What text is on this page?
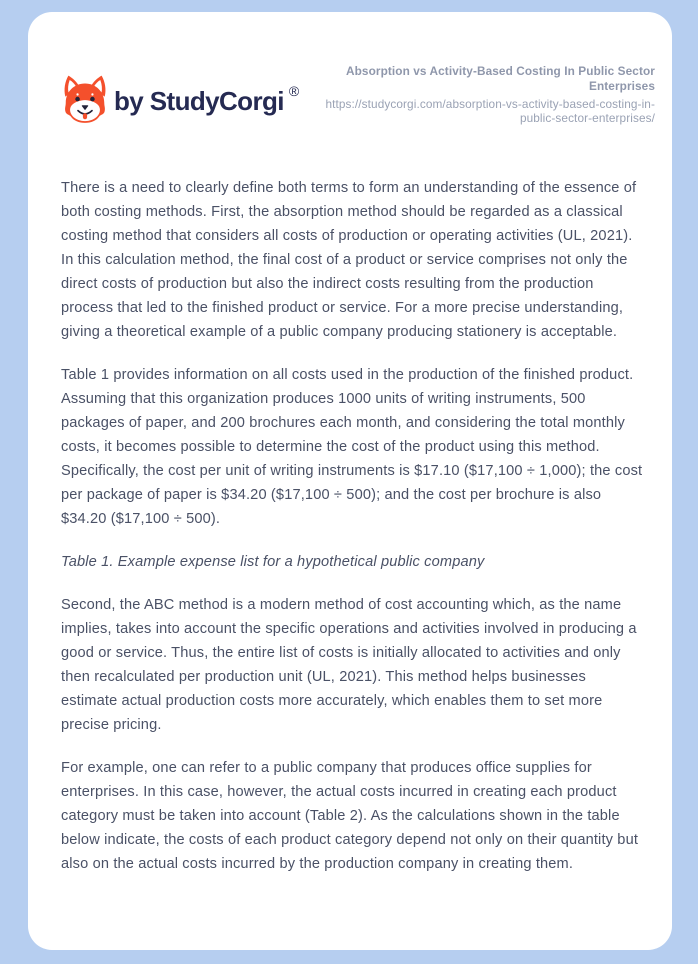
by StudyCorgi ®
Absorption vs Activity-Based Costing In Public Sector Enterprises
https://studycorgi.com/absorption-vs-activity-based-costing-in-public-sector-enterprises/

There is a need to clearly define both terms to form an understanding of the essence of both costing methods. First, the absorption method should be regarded as a classical costing method that considers all costs of production or operating activities (UL, 2021). In this calculation method, the final cost of a product or service comprises not only the direct costs of production but also the indirect costs resulting from the production process that led to the finished product or service. For a more precise understanding, giving a theoretical example of a public company producing stationery is acceptable.

Table 1 provides information on all costs used in the production of the finished product. Assuming that this organization produces 1000 units of writing instruments, 500 packages of paper, and 200 brochures each month, and considering the total monthly costs, it becomes possible to determine the cost of the product using this method. Specifically, the cost per unit of writing instruments is $17.10 ($17,100 ÷ 1,000); the cost per package of paper is $34.20 ($17,100 ÷ 500); and the cost per brochure is also $34.20 ($17,100 ÷ 500).

Table 1. Example expense list for a hypothetical public company

Second, the ABC method is a modern method of cost accounting which, as the name implies, takes into account the specific operations and activities involved in producing a good or service. Thus, the entire list of costs is initially allocated to activities and only then recalculated per production unit (UL, 2021). This method helps businesses estimate actual production costs more accurately, which enables them to set more precise pricing.

For example, one can refer to a public company that produces office supplies for enterprises. In this case, however, the actual costs incurred in creating each product category must be taken into account (Table 2). As the calculations shown in the table below indicate, the costs of each product category depend not only on their quantity but also on the actual costs incurred by the production company in creating them.
